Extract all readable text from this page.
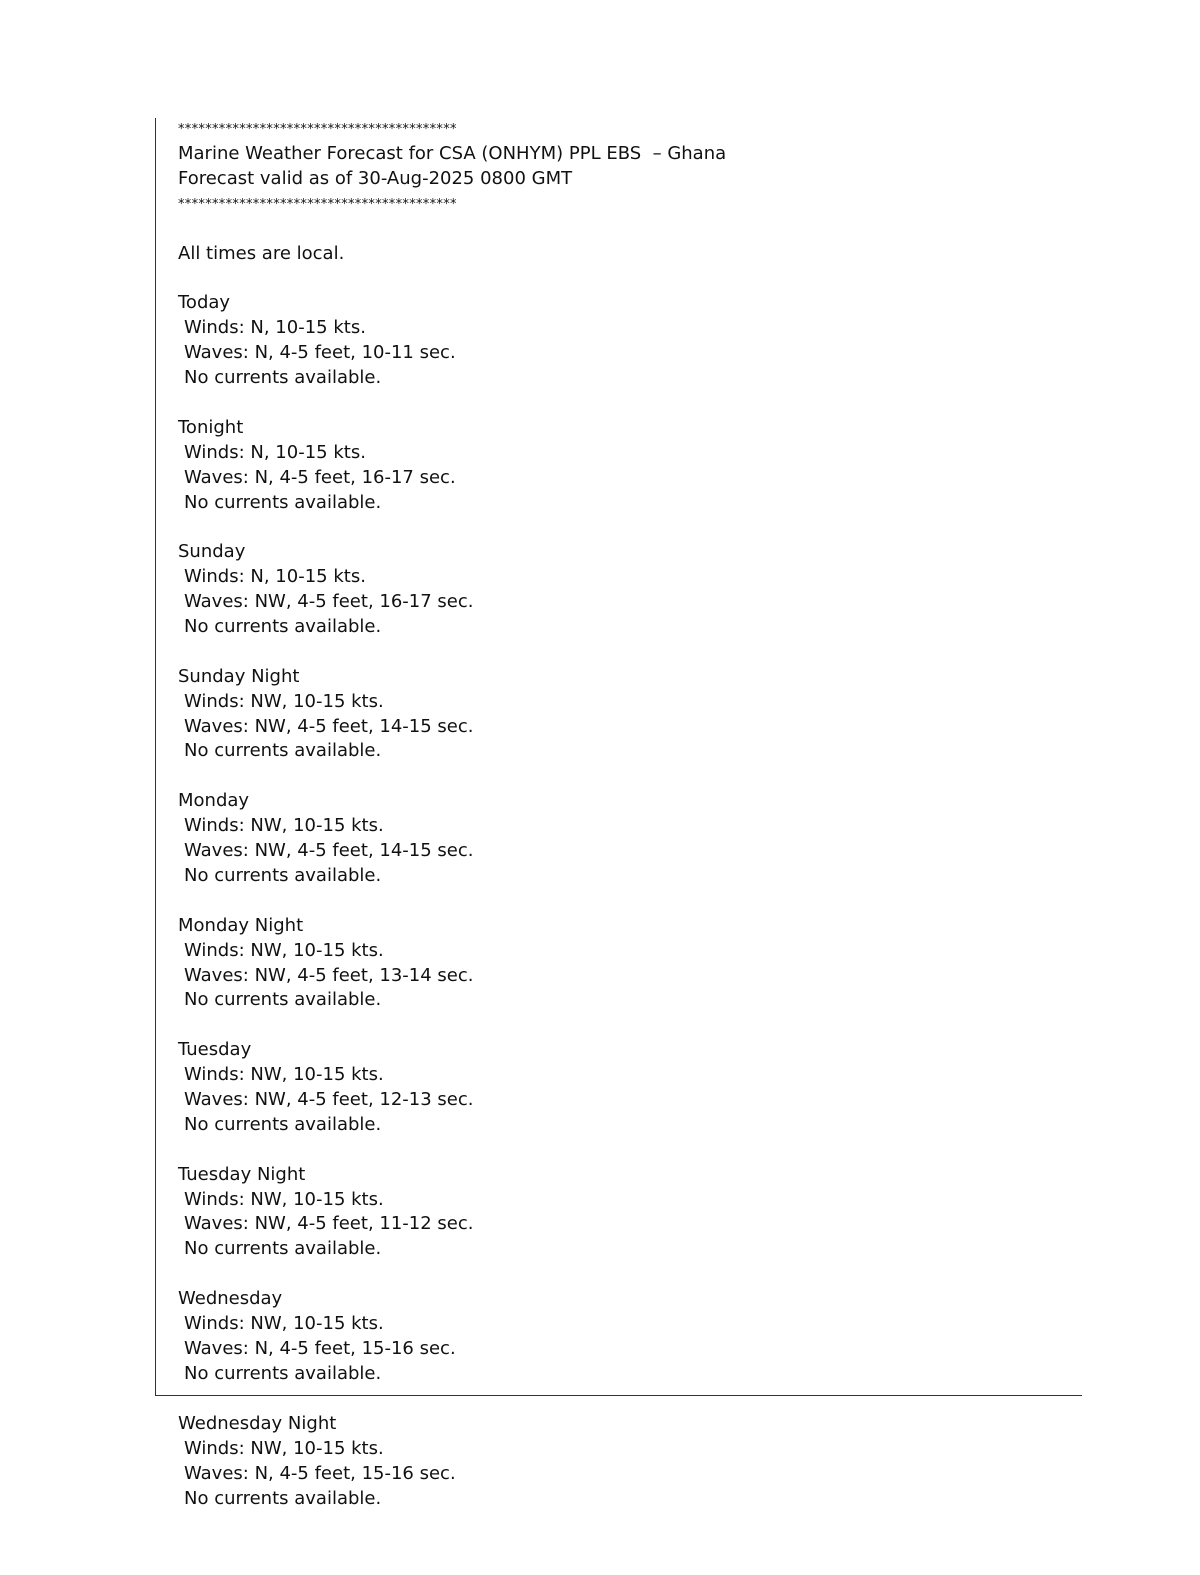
*****************************************
Marine Weather Forecast for CSA (ONHYM) PPL EBS  – Ghana
Forecast valid as of 30-Aug-2025 0800 GMT
*****************************************
All times are local.
Today
Winds: N, 10-15 kts.
Waves: N, 4-5 feet, 10-11 sec.
No currents available.
Tonight
Winds: N, 10-15 kts.
Waves: N, 4-5 feet, 16-17 sec.
No currents available.
Sunday
Winds: N, 10-15 kts.
Waves: NW, 4-5 feet, 16-17 sec.
No currents available.
Sunday Night
Winds: NW, 10-15 kts.
Waves: NW, 4-5 feet, 14-15 sec.
No currents available.
Monday
Winds: NW, 10-15 kts.
Waves: NW, 4-5 feet, 14-15 sec.
No currents available.
Monday Night
Winds: NW, 10-15 kts.
Waves: NW, 4-5 feet, 13-14 sec.
No currents available.
Tuesday
Winds: NW, 10-15 kts.
Waves: NW, 4-5 feet, 12-13 sec.
No currents available.
Tuesday Night
Winds: NW, 10-15 kts.
Waves: NW, 4-5 feet, 11-12 sec.
No currents available.
Wednesday
Winds: NW, 10-15 kts.
Waves: N, 4-5 feet, 15-16 sec.
No currents available.
Wednesday Night
Winds: NW, 10-15 kts.
Waves: N, 4-5 feet, 15-16 sec.
No currents available.
